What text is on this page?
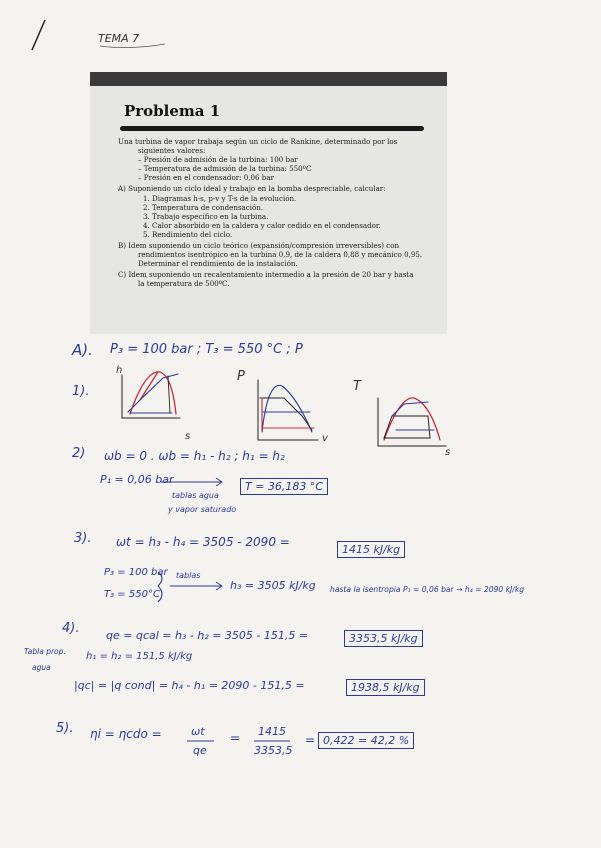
TEMA 7
Problema 1

Una turbina de vapor trabaja según un ciclo de Rankine, determinado por los

siguientes valores:

– Presión de admisión de la turbina: 100 bar

– Temperatura de admisión de la turbina: 550ºC

– Presión en el condensador: 0,06 bar

A) Suponiendo un ciclo ideal y trabajo en la bomba despreciable, calcular:

1. Diagramas h-s, p-v y T-s de la evolución.

2. Temperatura de condensación.

3. Trabajo específico en la turbina.

4. Calor absorbido en la caldera y calor cedido en el condensador.

5. Rendimiento del ciclo.

B) Idem suponiendo un ciclo teórico (expansión/compresión irreversibles) con

rendimientos isentrópico en la turbina 0,9, de la caldera 0,88 y mecánico 0,95.

Determinar el rendimiento de la instalación.

C) Idem suponiendo un recalentamiento intermedio a la presión de 20 bar y hasta

la temperatura de 500ºC.

A). P₃ = 100 bar ; T₃ = 550 °C ; P
1).
h
s
P
v
T
s
2) ωb = 0 . ωb = h₁ - h₂ ; h₁ = h₂
P₁ = 0,06 bar
tablas agua
y vapor saturado
T = 36,183 °C
3). ωt = h₃ - h₄ = 3505 - 2090 =
1415 kJ/kg
P₃ = 100 bar
T₃ = 550°C
tablas
h₃ = 3505 kJ/kg hasta la isentropia P₁ = 0,06 bar → h₄ = 2090 kJ/kg
4). qe = qcal = h₃ - h₂ = 3505 - 151,5 =	3353,5 kJ/kg
Tabla prop.
agua
h₁ = h₂ = 151,5 kJ/kg
|qc| = |q cond| = h₄ - h₁ = 2090 - 151,5 =	1938,5 kJ/kg
5). ηi = ηcdo =	ωt
qe
= 1415
3353,5
= 0,422 = 42,2 %
